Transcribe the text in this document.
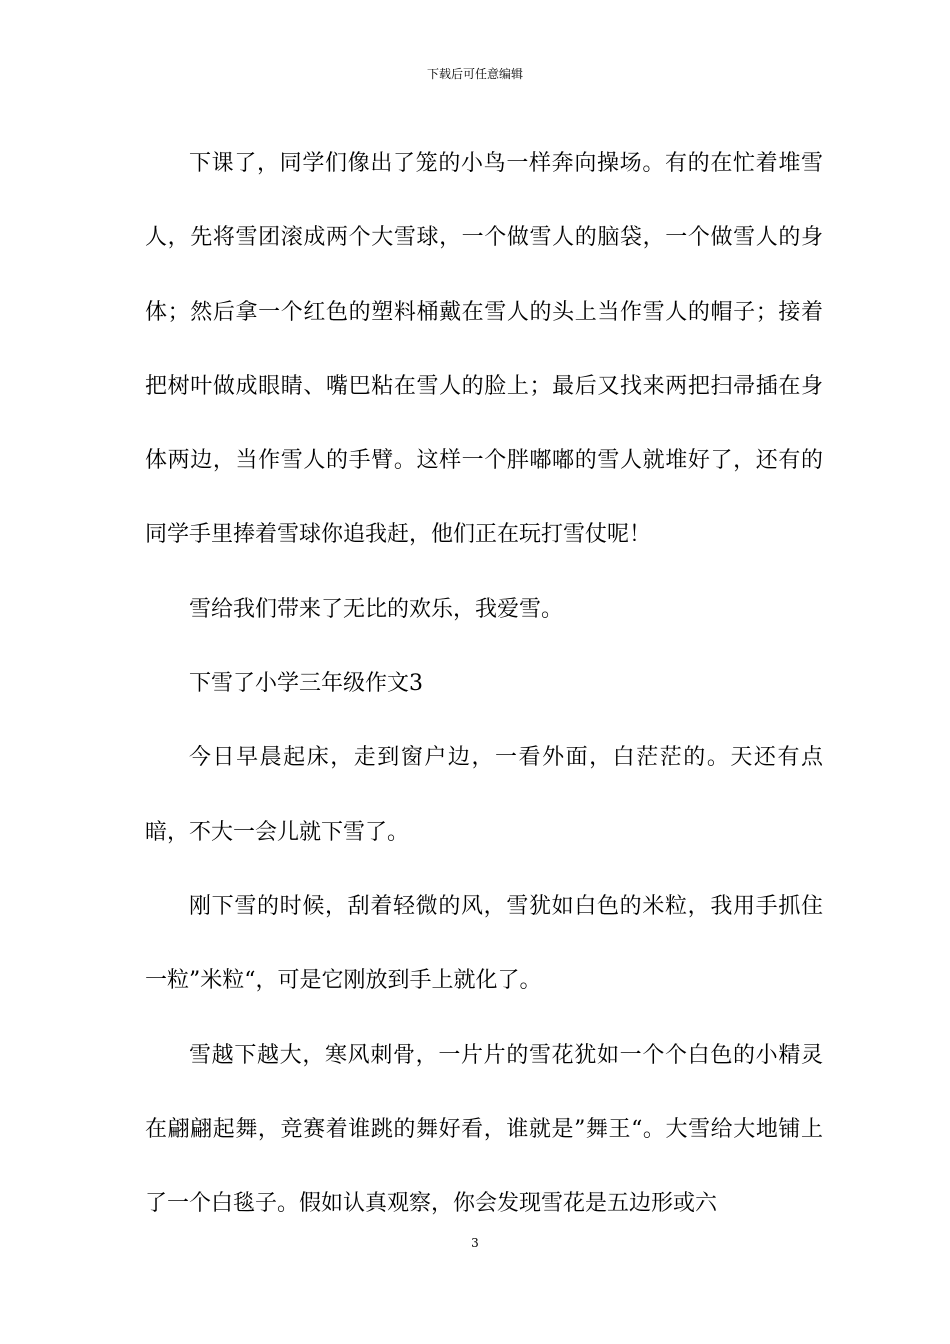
下载后可任意编辑

下课了，同学们像出了笼的小鸟一样奔向操场。有的在忙着堆雪人，先将雪团滚成两个大雪球，一个做雪人的脑袋，一个做雪人的身体；然后拿一个红色的塑料桶戴在雪人的头上当作雪人的帽子；接着把树叶做成眼睛、嘴巴粘在雪人的脸上；最后又找来两把扫帚插在身体两边，当作雪人的手臂。这样一个胖嘟嘟的雪人就堆好了，还有的同学手里捧着雪球你追我赶，他们正在玩打雪仗呢！

雪给我们带来了无比的欢乐，我爱雪。

下雪了小学三年级作文3

今日早晨起床，走到窗户边，一看外面，白茫茫的。天还有点暗，不大一会儿就下雪了。

刚下雪的时候，刮着轻微的风，雪犹如白色的米粒，我用手抓住一粒”米粒“，可是它刚放到手上就化了。

雪越下越大，寒风刺骨，一片片的雪花犹如一个个白色的小精灵在翩翩起舞，竞赛着谁跳的舞好看，谁就是”舞王“。大雪给大地铺上了一个白毯子。假如认真观察，你会发现雪花是五边形或六

3
